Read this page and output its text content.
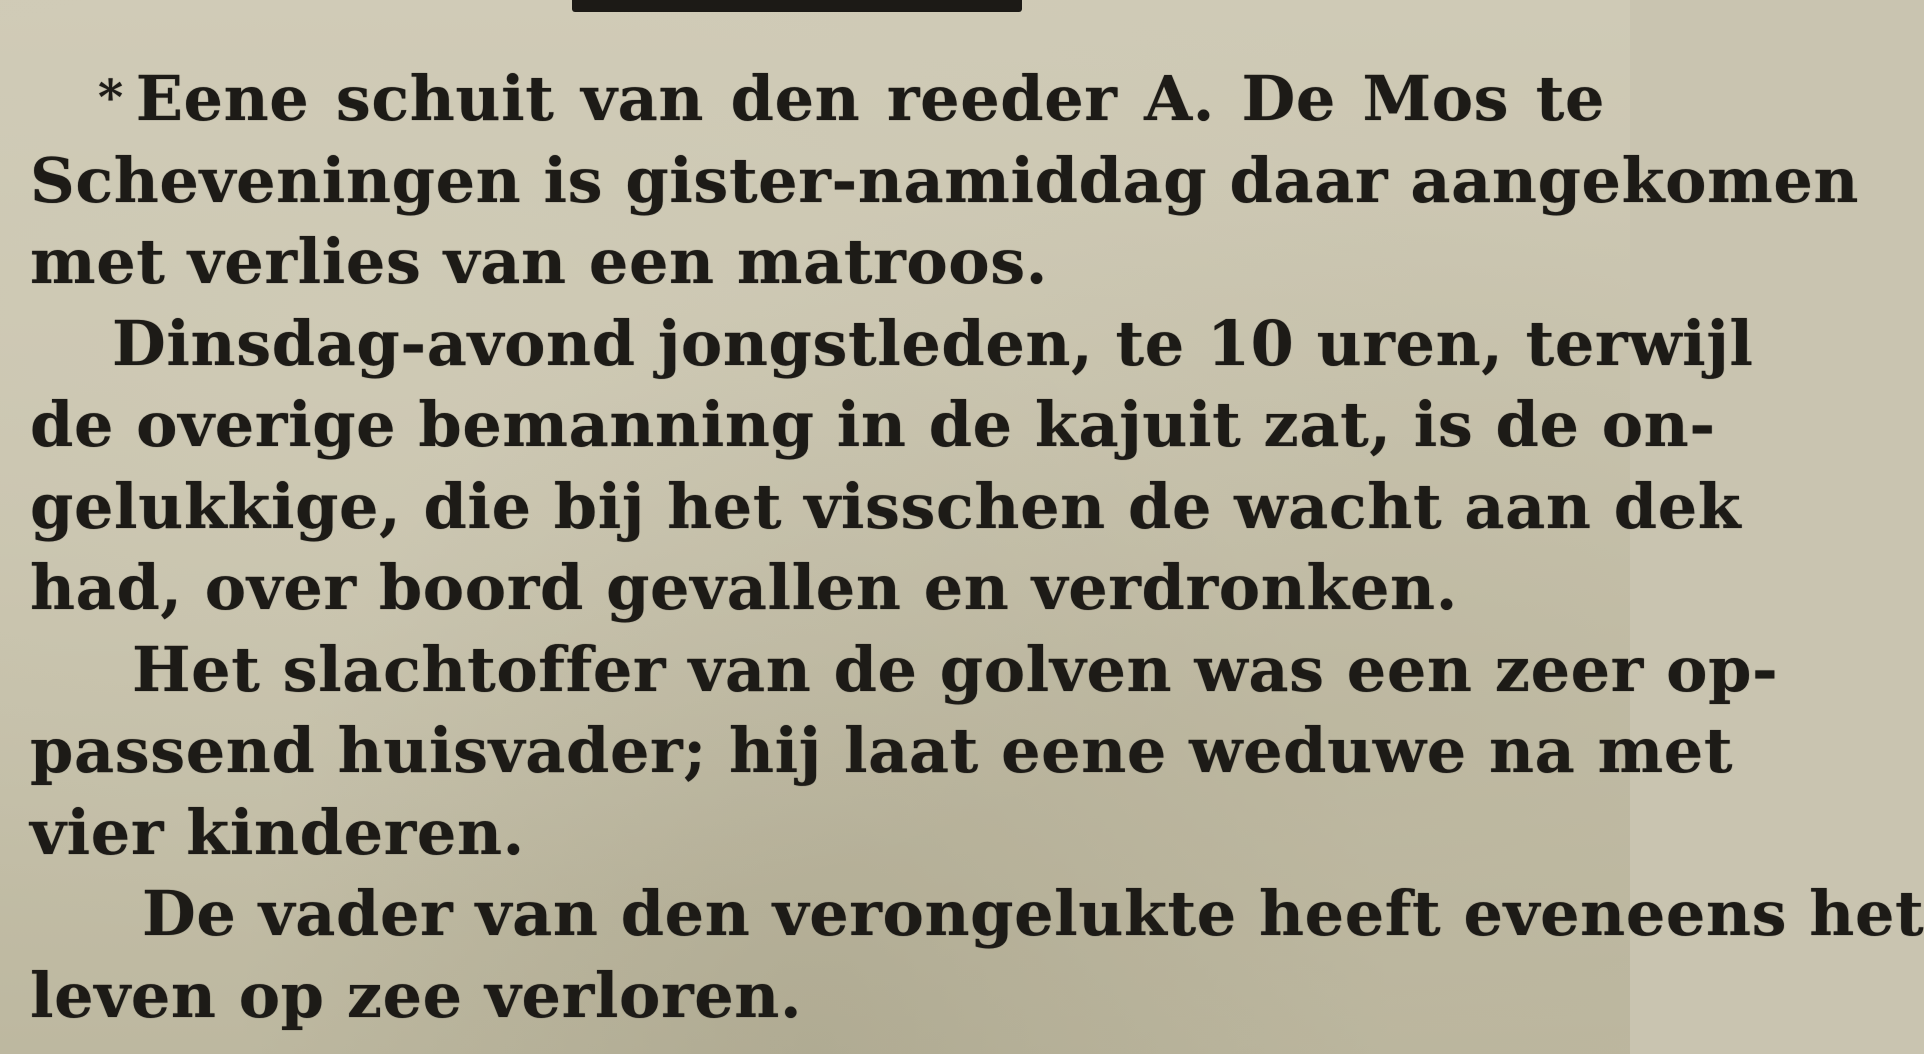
* Eene schuit van den reeder A. De Mos te
Scheveningen is gister-namiddag daar aangekomen
met verlies van een matroos.

Dinsdag-avond jongstleden, te 10 uren, terwijl
de overige bemanning in de kajuit zat, is de on-
gelukkige, die bij het visschen de wacht aan dek
had, over boord gevallen en verdronken.

Het slachtoffer van de golven was een zeer op-
passend huisvader; hij laat eene weduwe na met
vier kinderen.

De vader van den verongelukte heeft eveneens het
leven op zee verloren.
